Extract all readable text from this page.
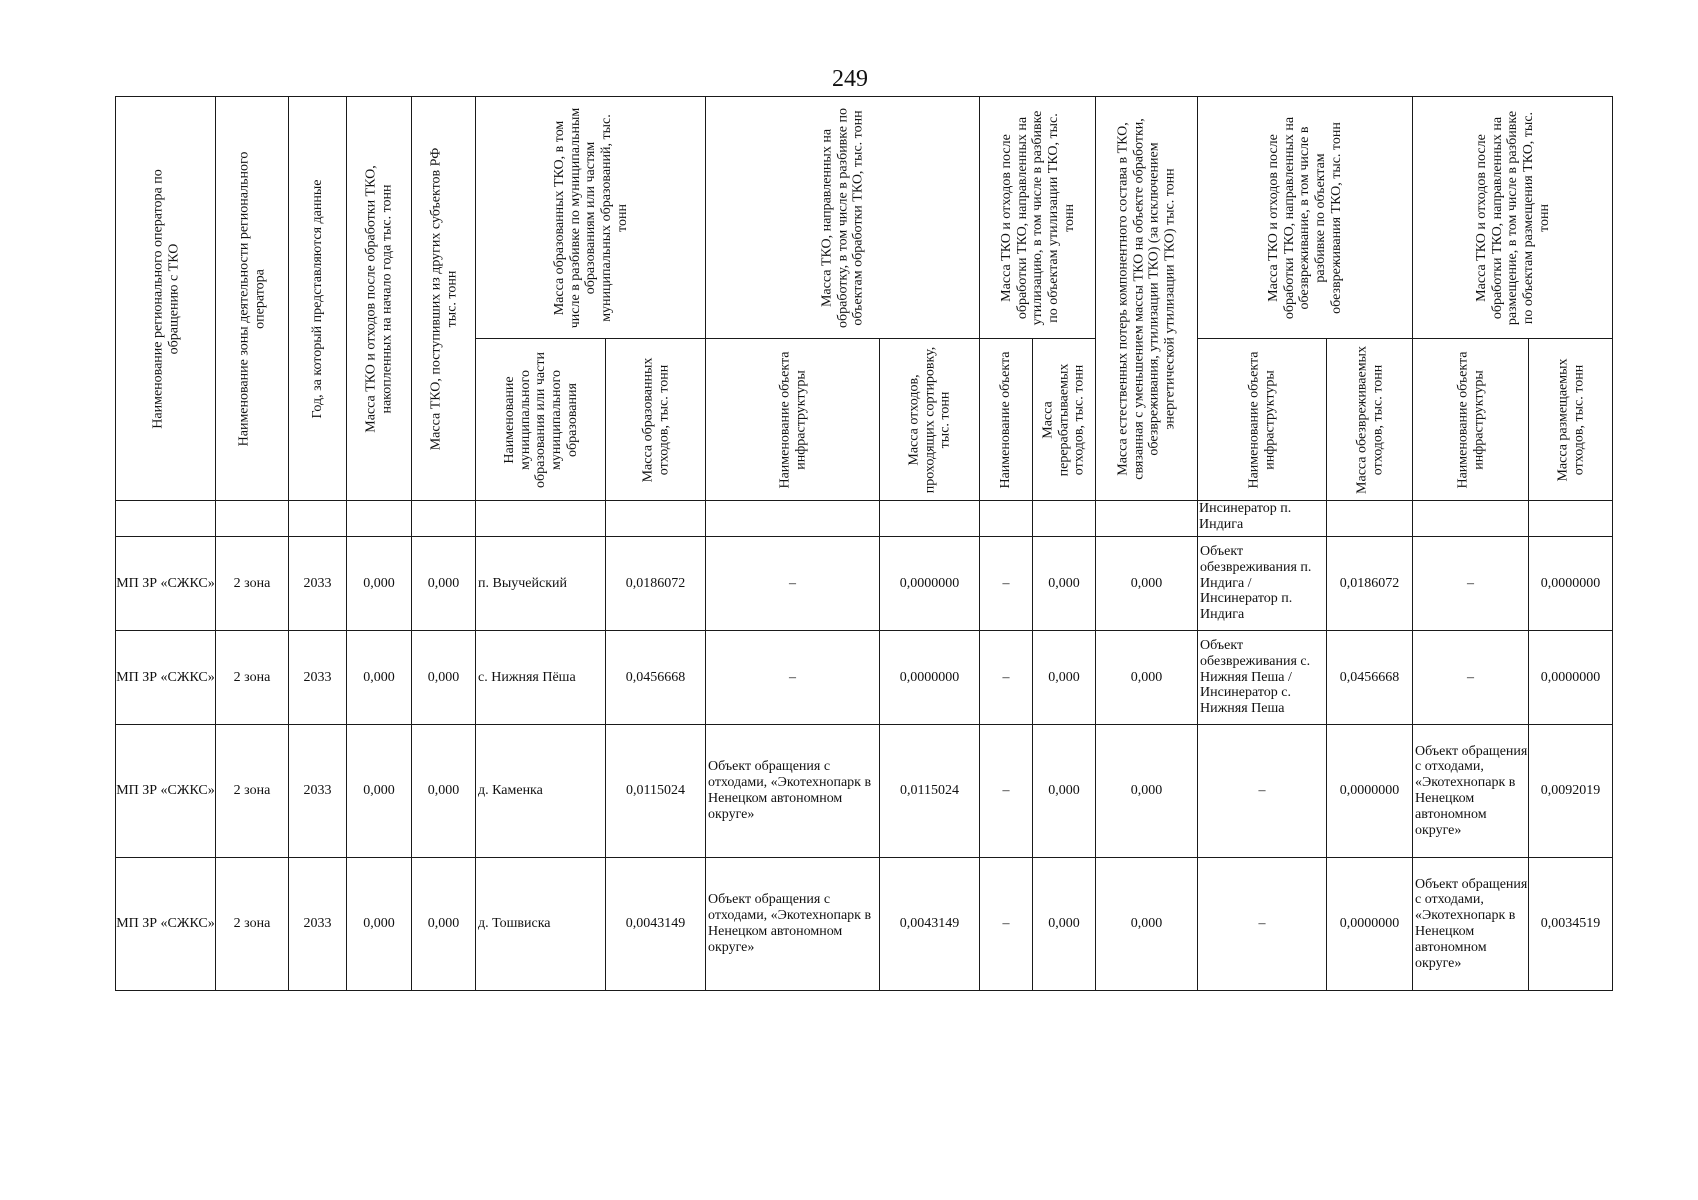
249
Наименование регионального оператора по обращению с ТКО	Наименование зоны деятельности регионального оператора	Год, за который представляются данные	Масса ТКО и отходов после обработки ТКО, накопленных на начало года тыс. тонн	Масса ТКО, поступивших из других субъектов РФ тыс. тонн	Масса образованных ТКО, в том числе в разбивке по муниципальным образованиям или частям муниципальных образований, тыс. тонн		Масса ТКО, направленных на обработку, в том числе в разбивке по объектам обработки ТКО, тыс. тонн		Масса ТКО и отходов после обработки ТКО, направленных на утилизацию, в том числе в разбивке по объектам утилизации ТКО, тыс. тонн		Масса естественных потерь компонентного состава в ТКО, связанная с уменьшением массы ТКО на объекте обработки, обезвреживания, утилизации ТКО) (за исключением энергетической утилизации ТКО) тыс. тонн	Масса ТКО и отходов после обработки ТКО, направленных на обезвреживание, в том числе в разбивке по объектам обезвреживания ТКО, тыс. тонн		Масса ТКО и отходов после обработки ТКО, направленных на размещение, в том числе в разбивке по объектам размещения ТКО, тыс. тонн	

					Наименование муниципального образования или части муниципального образования	Масса образованных отходов, тыс. тонн	Наименование объекта инфраструктуры	Масса отходов, проходящих сортировку, тыс. тонн	Наименование объекта	Масса перерабатываемых отходов, тыс. тонн		Наименование объекта инфраструктуры	Масса обезвреживаемых отходов, тыс. тонн	Наименование объекта инфраструктуры	Масса размещаемых отходов, тыс. тонн

												Инсинератор п. Индига			
МП ЗР «СЖКС»	2 зона	2033	0,000	0,000	п. Выучейский	0,0186072	–	0,0000000	–	0,000	0,000	Объект обезвреживания п. Индига / Инсинератор п. Индига	0,0186072	–	0,0000000
МП ЗР «СЖКС»	2 зона	2033	0,000	0,000	с. Нижняя Пёша	0,0456668	–	0,0000000	–	0,000	0,000	Объект обезвреживания с. Нижняя Пеша / Инсинератор с. Нижняя Пеша	0,0456668	–	0,0000000
МП ЗР «СЖКС»	2 зона	2033	0,000	0,000	д. Каменка	0,0115024	Объект обращения с отходами, «Экотехнопарк в Ненецком автономном округе»	0,0115024	–	0,000	0,000	–	0,0000000	Объект обращения с отходами, «Экотехнопарк в Ненецком автономном округе»	0,0092019
МП ЗР «СЖКС»	2 зона	2033	0,000	0,000	д. Тошвиска	0,0043149	Объект обращения с отходами, «Экотехнопарк в Ненецком автономном округе»	0,0043149	–	0,000	0,000	–	0,0000000	Объект обращения с отходами, «Экотехнопарк в Ненецком автономном округе»	0,0034519
